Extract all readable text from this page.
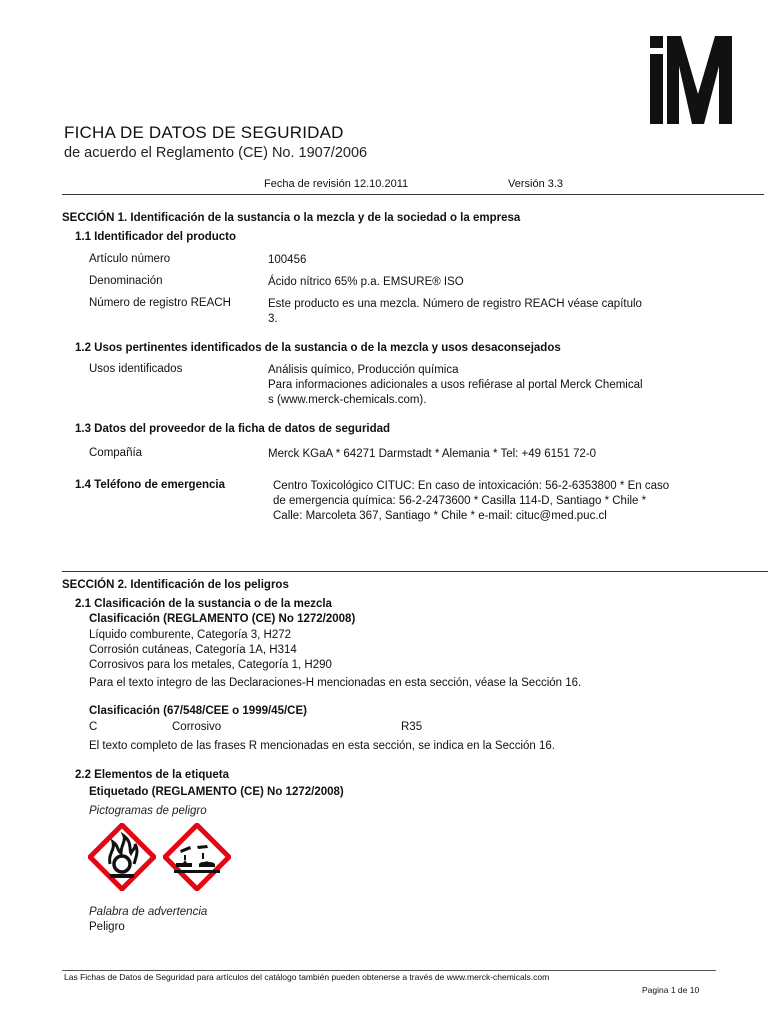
FICHA DE DATOS DE SEGURIDAD
de acuerdo el Reglamento (CE) No. 1907/2006
Fecha de revisión 12.10.2011	Versión 3.3
SECCIÓN 1. Identificación de la sustancia o la mezcla y de la sociedad o la empresa
1.1 Identificador del producto
Artículo número	100456
Denominación	Ácido nítrico 65% p.a. EMSURE® ISO
Número de registro REACH	Este producto es una mezcla. Número de registro REACH véase capítulo 3.
1.2 Usos pertinentes identificados de la sustancia o de la mezcla y usos desaconsejados
Usos identificados	Análisis químico, Producción química
Para informaciones adicionales a usos refiérase al portal Merck Chemical s (www.merck-chemicals.com).
1.3 Datos del proveedor de la ficha de datos de seguridad
Compañía	Merck KGaA * 64271 Darmstadt * Alemania * Tel: +49 6151 72-0
1.4 Teléfono de emergencia	Centro Toxicológico CITUC: En caso de intoxicación: 56-2-6353800 * En caso de emergencia química: 56-2-2473600 * Casilla 114-D, Santiago * Chile * Calle: Marcoleta 367, Santiago * Chile * e-mail: cituc@med.puc.cl
SECCIÓN 2. Identificación de los peligros
2.1 Clasificación de la sustancia o de la mezcla
Clasificación (REGLAMENTO (CE) No 1272/2008)
Líquido comburente, Categoría 3, H272
Corrosión cutáneas, Categoría 1A, H314
Corrosivos para los metales, Categoría 1, H290
Para el texto integro de las Declaraciones-H mencionadas en esta sección, véase la Sección 16.
Clasificación (67/548/CEE o 1999/45/CE)
C	Corrosivo	R35
El texto completo de las frases R mencionadas en esta sección, se indica en la Sección 16.
2.2 Elementos de la etiqueta
Etiquetado (REGLAMENTO (CE) No 1272/2008)
Pictogramas de peligro
Palabra de advertencia
Peligro
Las Fichas de Datos de Seguridad para artículos del catálogo también pueden obtenerse a través de www.merck-chemicals.com
Pagina 1 de 10
